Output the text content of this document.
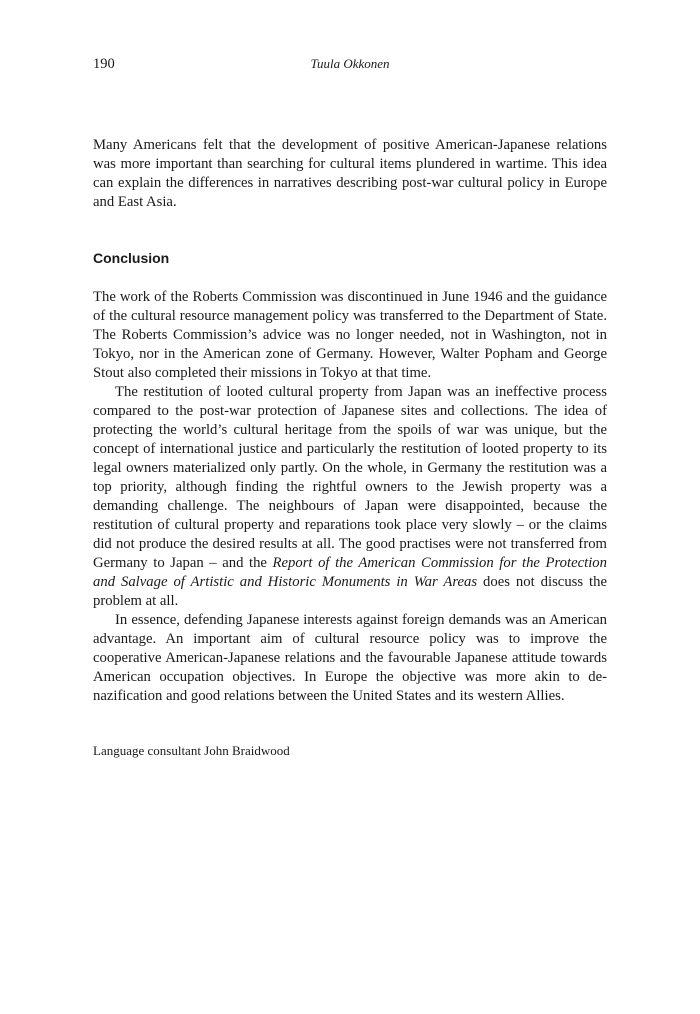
190	Tuula Okkonen

Many Americans felt that the development of positive American-Japanese relations was more important than searching for cultural items plundered in wartime. This idea can explain the differences in narratives describing post-war cultural policy in Europe and East Asia.

Conclusion

The work of the Roberts Commission was discontinued in June 1946 and the guidance of the cultural resource management policy was transferred to the Department of State. The Roberts Commission’s advice was no longer needed, not in Washington, not in Tokyo, nor in the American zone of Germany. However, Walter Popham and George Stout also completed their missions in Tokyo at that time.

The restitution of looted cultural property from Japan was an ineffective process compared to the post-war protection of Japanese sites and collections. The idea of protecting the world’s cultural heritage from the spoils of war was unique, but the concept of international justice and particularly the restitution of looted property to its legal owners materialized only partly. On the whole, in Germany the restitution was a top priority, although finding the rightful owners to the Jewish property was a demanding challenge. The neighbours of Japan were disappointed, because the restitution of cultural property and reparations took place very slowly – or the claims did not produce the desired results at all. The good practises were not transferred from Germany to Japan – and the Report of the American Commission for the Protection and Salvage of Artistic and Historic Monuments in War Areas does not discuss the problem at all.

In essence, defending Japanese interests against foreign demands was an American advantage. An important aim of cultural resource policy was to improve the cooperative American-Japanese relations and the favourable Japanese attitude towards American occupation objectives. In Europe the objective was more akin to de-nazification and good relations between the United States and its western Allies.

Language consultant John Braidwood
